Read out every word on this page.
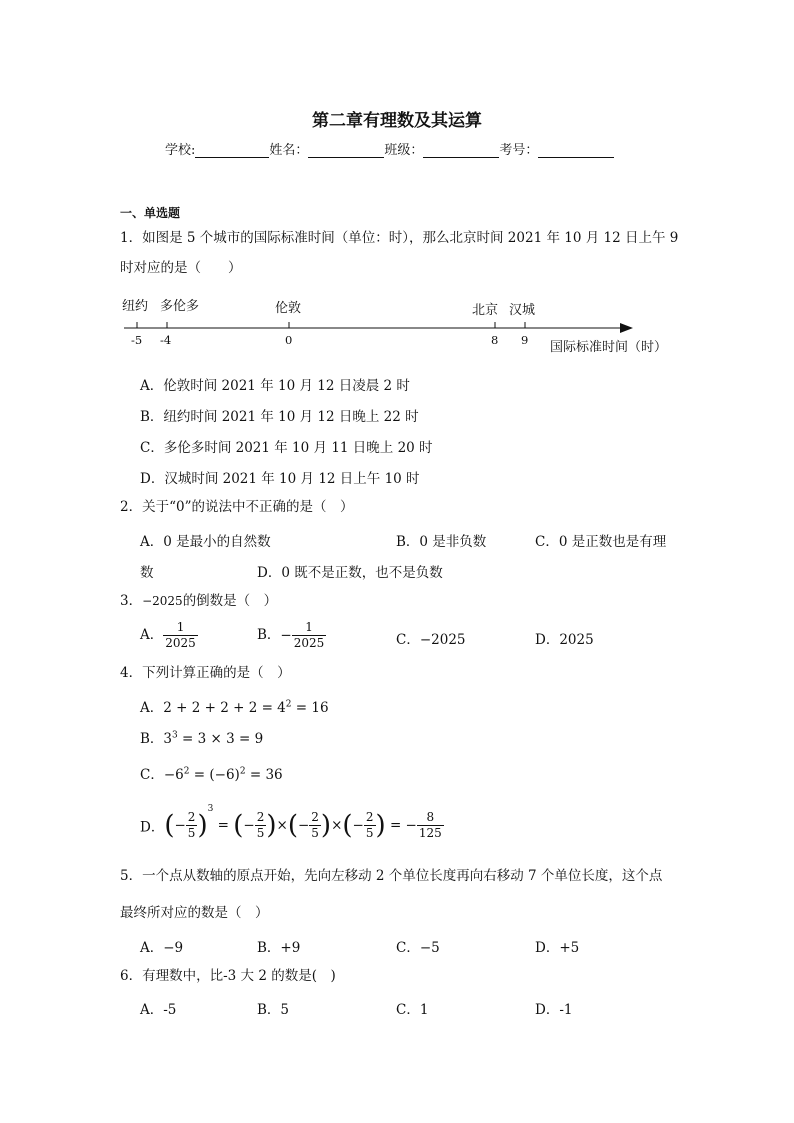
第二章有理数及其运算
学校:	姓名：	班级：	考号：
一、单选题
1．如图是 5 个城市的国际标准时间（单位：时），那么北京时间 2021 年 10 月 12 日上午 9
时对应的是（　　）
纽约 多伦多	伦敦	北京 汉城
-5 -4	0	8 9 国际标准时间（时）
A．伦敦时间 2021 年 10 月 12 日凌晨 2 时
B．纽约时间 2021 年 10 月 12 日晚上 22 时
C．多伦多时间 2021 年 10 月 11 日晚上 20 时
D．汉城时间 2021 年 10 月 12 日上午 10 时
2．关于“0”的说法中不正确的是（　）
A．0 是最小的自然数	B．0 是非负数	C．0 是正数也是有理
数	D．0 既不是正数，也不是负数
3．−2025的倒数是（　）
A． $\frac{1}{2025}$	B．− $\frac{1}{2025}$	C．−2025	D．2025
4．下列计算正确的是（　）
A．$2 + 2 + 2 + 2 = 4^2 = 16$
B．$3^3 = 3 \times 3 = 9$
C．$-6^2 = (-6)^2 = 36$
D．(− $\frac{2}{5} )^3$ = (− $\frac{2}{5}$ )×(− $\frac{2}{5}$ )×(− $\frac{2}{5}$ ) = − $\frac{8}{125}$
5．一个点从数轴的原点开始，先向左移动 2 个单位长度再向右移动 7 个单位长度，这个点
最终所对应的数是（　）
A．−9	B．+9	C．−5	D．+5
6．有理数中，比-3 大 2 的数是(　)
A．-5	B．5	C．1	D．-1
